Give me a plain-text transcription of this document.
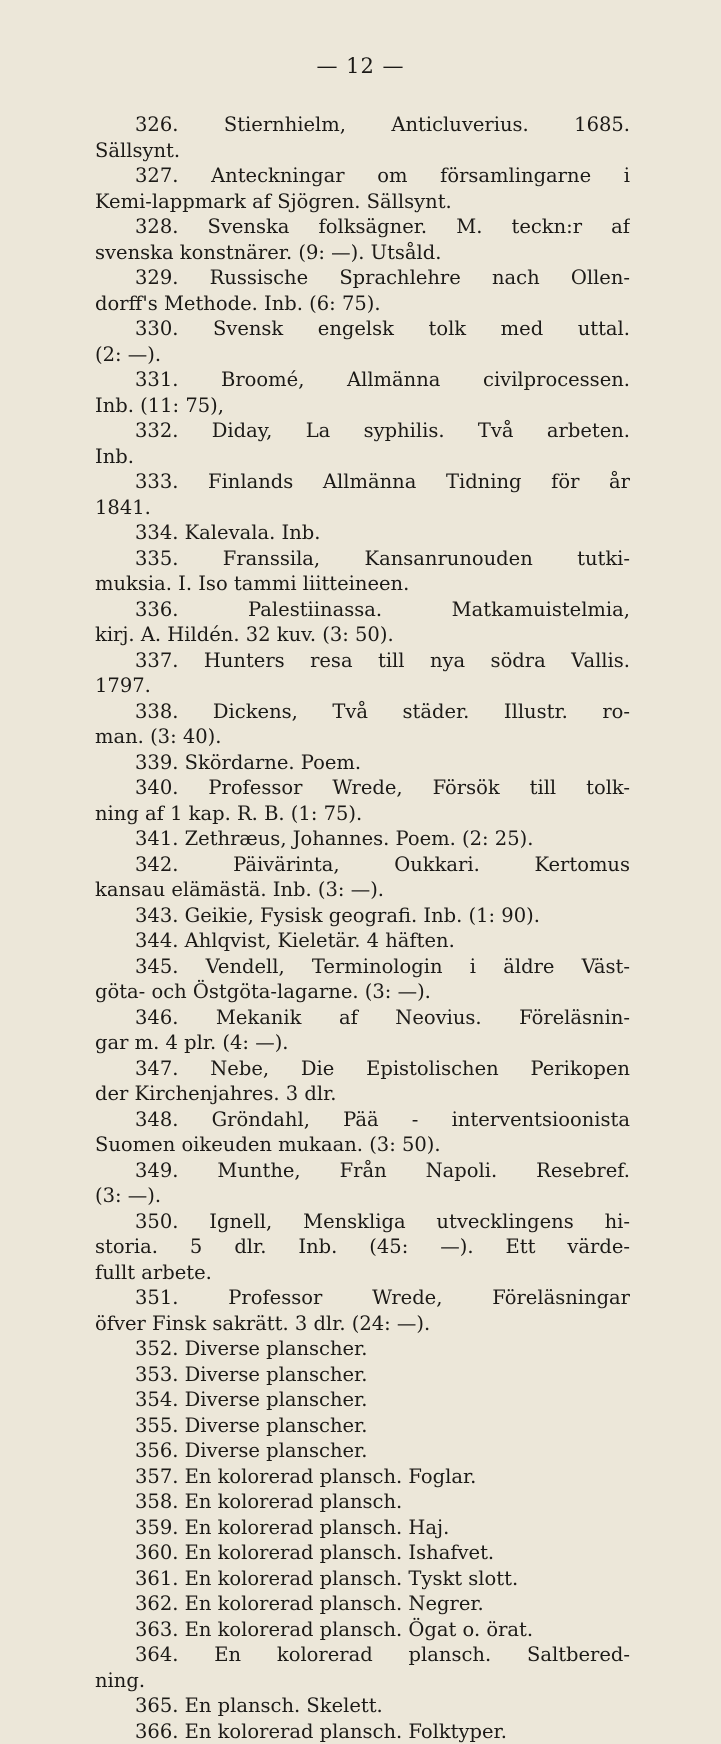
— 12 —
326. Stiernhielm, Anticluverius. 1685.
Sällsynt.
327. Anteckningar om församlingarne i
Kemi-lappmark af Sjögren. Sällsynt.
328. Svenska folksägner. M. teckn:r af
svenska konstnärer. (9: —). Utsåld.
329. Russische Sprachlehre nach Ollen-
dorff's Methode. Inb. (6: 75).
330. Svensk engelsk tolk med uttal.
(2: —).
331. Broomé, Allmänna civilprocessen.
Inb. (11: 75),
332. Diday, La syphilis. Två arbeten.
Inb.
333. Finlands Allmänna Tidning för år
1841.
334. Kalevala. Inb.
335. Franssila, Kansanrunouden tutki-
muksia. I. Iso tammi liitteineen.
336. Palestiinassa. Matkamuistelmia,
kirj. A. Hildén. 32 kuv. (3: 50).
337. Hunters resa till nya södra Vallis.
1797.
338. Dickens, Två städer. Illustr. ro-
man. (3: 40).
339. Skördarne. Poem.
340. Professor Wrede, Försök till tolk-
ning af 1 kap. R. B. (1: 75).
341. Zethræus, Johannes. Poem. (2: 25).
342. Päivärinta, Oukkari. Kertomus
kansau elämästä. Inb. (3: —).
343. Geikie, Fysisk geografi. Inb. (1: 90).
344. Ahlqvist, Kieletär. 4 häften.
345. Vendell, Terminologin i äldre Väst-
göta- och Östgöta-lagarne. (3: —).
346. Mekanik af Neovius. Föreläsnin-
gar m. 4 plr. (4: —).
347. Nebe, Die Epistolischen Perikopen
der Kirchenjahres. 3 dlr.
348. Gröndahl, Pää - interventsioonista
Suomen oikeuden mukaan. (3: 50).
349. Munthe, Från Napoli. Resebref.
(3: —).
350. Ignell, Menskliga utvecklingens hi-
storia. 5 dlr. Inb. (45: —). Ett värde-
fullt arbete.
351. Professor Wrede, Föreläsningar
öfver Finsk sakrätt. 3 dlr. (24: —).
352. Diverse planscher.
353. Diverse planscher.
354. Diverse planscher.
355. Diverse planscher.
356. Diverse planscher.
357. En kolorerad plansch. Foglar.
358. En kolorerad plansch.
359. En kolorerad plansch. Haj.
360. En kolorerad plansch. Ishafvet.
361. En kolorerad plansch. Tyskt slott.
362. En kolorerad plansch. Negrer.
363. En kolorerad plansch. Ögat o. örat.
364. En kolorerad plansch. Saltbered-
ning.
365. En plansch. Skelett.
366. En kolorerad plansch. Folktyper.
